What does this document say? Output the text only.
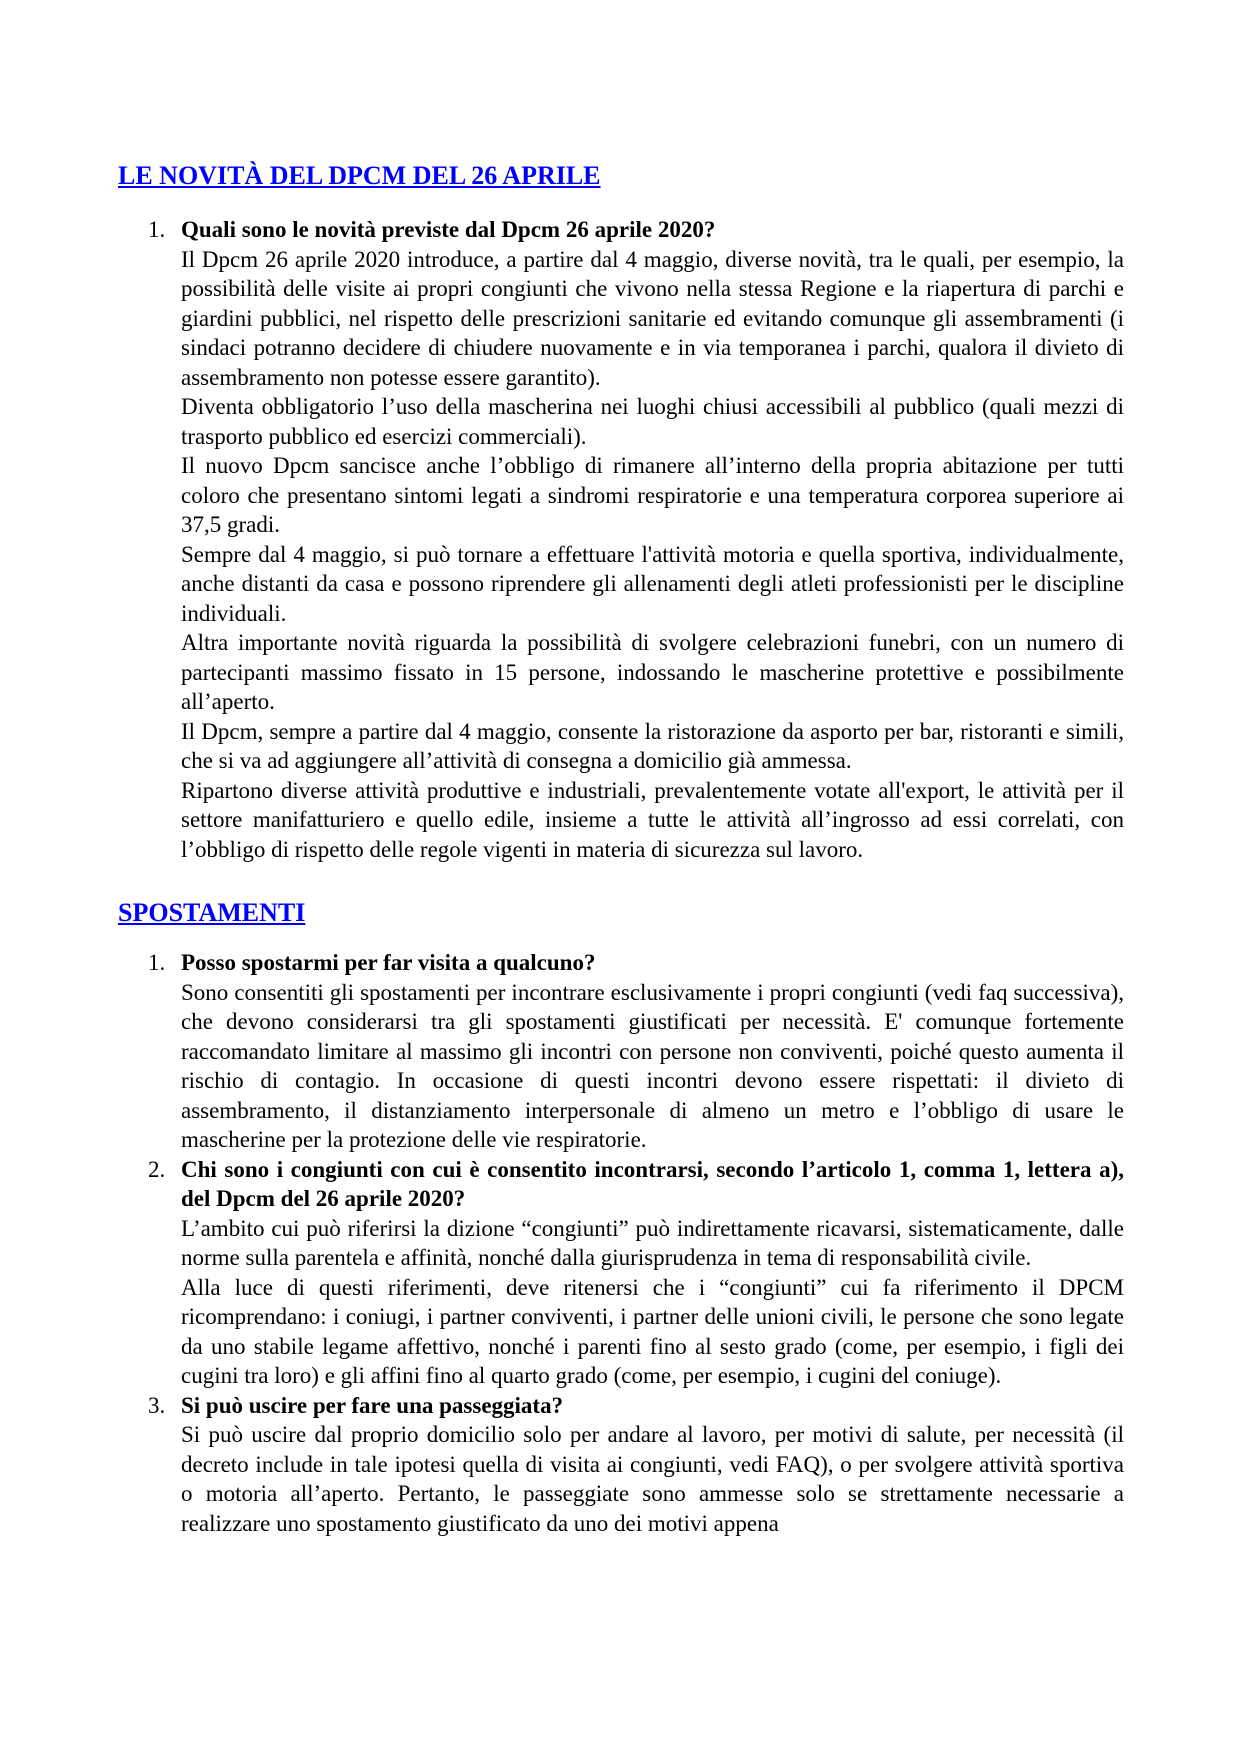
LE NOVITÀ DEL DPCM DEL 26 APRILE
1. Quali sono le novità previste dal Dpcm 26 aprile 2020?

Il Dpcm 26 aprile 2020 introduce, a partire dal 4 maggio, diverse novità, tra le quali, per esempio, la possibilità delle visite ai propri congiunti che vivono nella stessa Regione e la riapertura di parchi e giardini pubblici, nel rispetto delle prescrizioni sanitarie ed evitando comunque gli assembramenti (i sindaci potranno decidere di chiudere nuovamente e in via temporanea i parchi, qualora il divieto di assembramento non potesse essere garantito).

Diventa obbligatorio l’uso della mascherina nei luoghi chiusi accessibili al pubblico (quali mezzi di trasporto pubblico ed esercizi commerciali).

Il nuovo Dpcm sancisce anche l’obbligo di rimanere all’interno della propria abitazione per tutti coloro che presentano sintomi legati a sindromi respiratorie e una temperatura corporea superiore ai 37,5 gradi.

Sempre dal 4 maggio, si può tornare a effettuare l'attività motoria e quella sportiva, individualmente, anche distanti da casa e possono riprendere gli allenamenti degli atleti professionisti per le discipline individuali.

Altra importante novità riguarda la possibilità di svolgere celebrazioni funebri, con un numero di partecipanti massimo fissato in 15 persone, indossando le mascherine protettive e possibilmente all’aperto.

Il Dpcm, sempre a partire dal 4 maggio, consente la ristorazione da asporto per bar, ristoranti e simili, che si va ad aggiungere all’attività di consegna a domicilio già ammessa.

Ripartono diverse attività produttive e industriali, prevalentemente votate all'export, le attività per il settore manifatturiero e quello edile, insieme a tutte le attività all’ingrosso ad essi correlati, con l’obbligo di rispetto delle regole vigenti in materia di sicurezza sul lavoro.

SPOSTAMENTI
1. Posso spostarmi per far visita a qualcuno?

Sono consentiti gli spostamenti per incontrare esclusivamente i propri congiunti (vedi faq successiva), che devono considerarsi tra gli spostamenti giustificati per necessità. E' comunque fortemente raccomandato limitare al massimo gli incontri con persone non conviventi, poiché questo aumenta il rischio di contagio. In occasione di questi incontri devono essere rispettati: il divieto di assembramento, il distanziamento interpersonale di almeno un metro e l’obbligo di usare le mascherine per la protezione delle vie respiratorie.

2. Chi sono i congiunti con cui è consentito incontrarsi, secondo l’articolo 1, comma 1, lettera a), del Dpcm del 26 aprile 2020?

L’ambito cui può riferirsi la dizione “congiunti” può indirettamente ricavarsi, sistematicamente, dalle norme sulla parentela e affinità, nonché dalla giurisprudenza in tema di responsabilità civile.

Alla luce di questi riferimenti, deve ritenersi che i “congiunti” cui fa riferimento il DPCM ricomprendano: i coniugi, i partner conviventi, i partner delle unioni civili, le persone che sono legate da uno stabile legame affettivo, nonché i parenti fino al sesto grado (come, per esempio, i figli dei cugini tra loro) e gli affini fino al quarto grado (come, per esempio, i cugini del coniuge).

3. Si può uscire per fare una passeggiata?

Si può uscire dal proprio domicilio solo per andare al lavoro, per motivi di salute, per necessità (il decreto include in tale ipotesi quella di visita ai congiunti, vedi FAQ), o per svolgere attività sportiva o motoria all’aperto. Pertanto, le passeggiate sono ammesse solo se strettamente necessarie a realizzare uno spostamento giustificato da uno dei motivi appena
